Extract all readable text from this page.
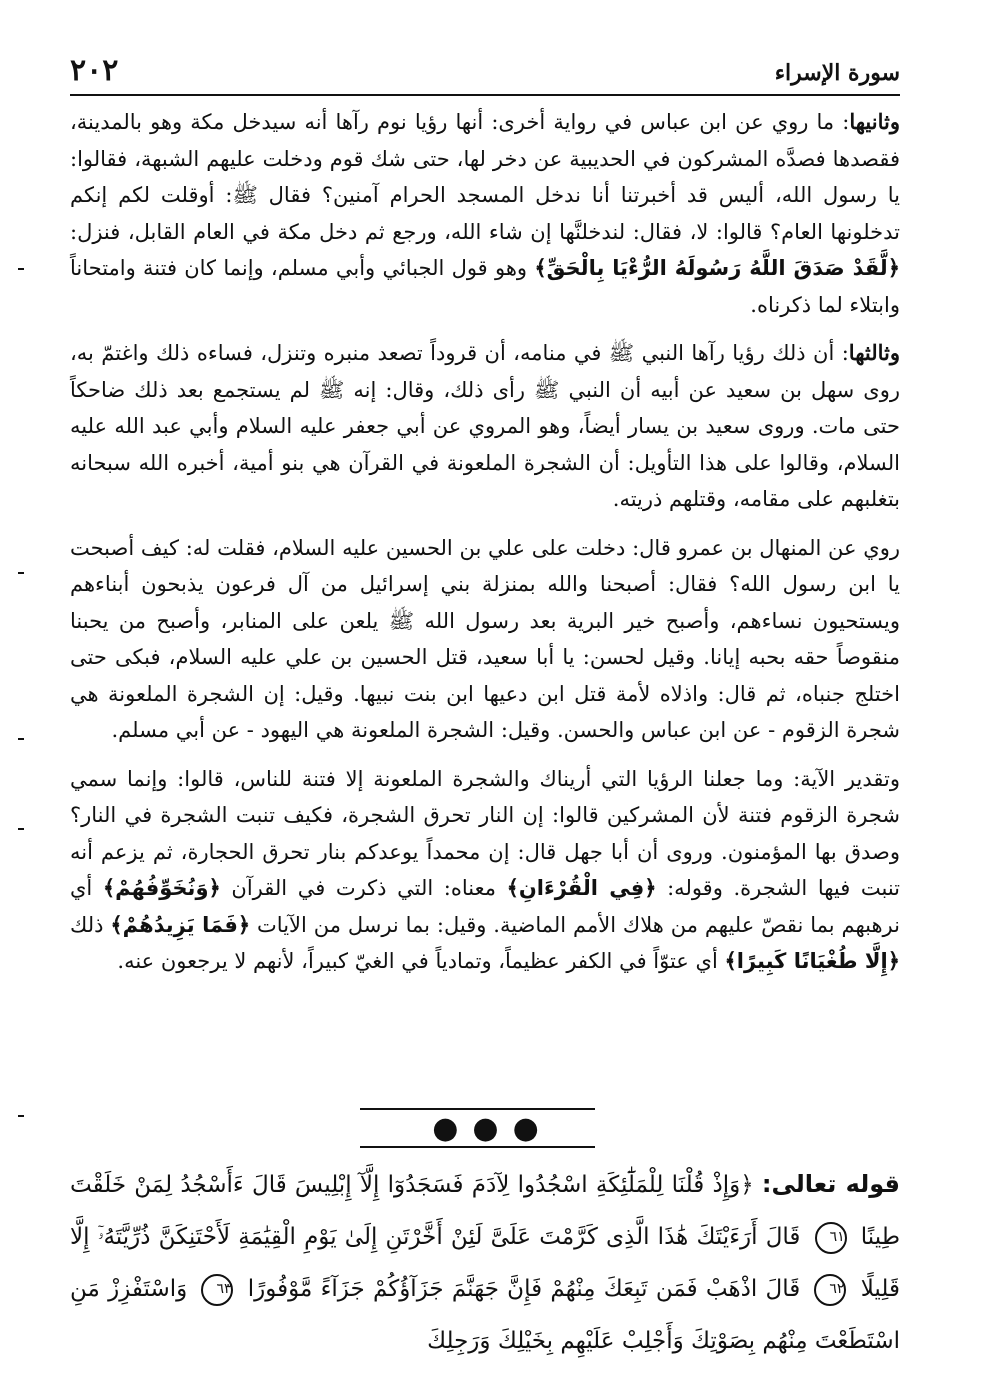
سورة الإسراء
٢٠٢

وثانيها: ما روي عن ابن عباس في رواية أخرى: أنها رؤيا نوم رآها أنه سيدخل مكة وهو بالمدينة، فقصدها فصدَّه المشركون في الحديبية عن دخر لها، حتى شك قوم ودخلت عليهم الشبهة، فقالوا: يا رسول الله، أليس قد أخبرتنا أنا ندخل المسجد الحرام آمنين؟ فقال ﷺ: أوقلت لكم إنكم تدخلونها العام؟ قالوا: لا، فقال: لندخلنَّها إن شاء الله، ورجع ثم دخل مكة في العام القابل، فنزل: ﴿لَّقَدْ صَدَقَ اللَّهُ رَسُولَهُ الرُّءْيَا بِالْحَقِّ﴾ وهو قول الجبائي وأبي مسلم، وإنما كان فتنة وامتحاناً وابتلاء لما ذكرناه.

وثالثها: أن ذلك رؤيا رآها النبي ﷺ في منامه، أن قروداً تصعد منبره وتنزل، فساءه ذلك واغتمّ به، روى سهل بن سعيد عن أبيه أن النبي ﷺ رأى ذلك، وقال: إنه ﷺ لم يستجمع بعد ذلك ضاحكاً حتى مات. وروى سعيد بن يسار أيضاً، وهو المروي عن أبي جعفر عليه السلام وأبي عبد الله عليه السلام، وقالوا على هذا التأويل: أن الشجرة الملعونة في القرآن هي بنو أمية، أخبره الله سبحانه بتغلبهم على مقامه، وقتلهم ذريته.

روي عن المنهال بن عمرو قال: دخلت على علي بن الحسين عليه السلام، فقلت له: كيف أصبحت يا ابن رسول الله؟ فقال: أصبحنا والله بمنزلة بني إسرائيل من آل فرعون يذبحون أبناءهم ويستحيون نساءهم، وأصبح خير البرية بعد رسول الله ﷺ يلعن على المنابر، وأصبح من يحبنا منقوصاً حقه بحبه إيانا. وقيل لحسن: يا أبا سعيد، قتل الحسين بن علي عليه السلام، فبكى حتى اختلج جنباه، ثم قال: واذلاه لأمة قتل ابن دعيها ابن بنت نبيها. وقيل: إن الشجرة الملعونة هي شجرة الزقوم - عن ابن عباس والحسن. وقيل: الشجرة الملعونة هي اليهود - عن أبي مسلم.

وتقدير الآية: وما جعلنا الرؤيا التي أريناك والشجرة الملعونة إلا فتنة للناس، قالوا: وإنما سمي شجرة الزقوم فتنة لأن المشركين قالوا: إن النار تحرق الشجرة، فكيف تنبت الشجرة في النار؟ وصدق بها المؤمنون. وروى أن أبا جهل قال: إن محمداً يوعدكم بنار تحرق الحجارة، ثم يزعم أنه تنبت فيها الشجرة. وقوله: ﴿فِي الْقُرْءَانِ﴾ معناه: التي ذكرت في القرآن ﴿وَنُخَوِّفُهُمْ﴾ أي نرهبهم بما نقصّ عليهم من هلاك الأمم الماضية. وقيل: بما نرسل من الآيات ﴿فَمَا يَزِيدُهُمْ﴾ ذلك ﴿إِلَّا طُغْيَانًا كَبِيرًا﴾ أي عتوّاً في الكفر عظيماً، وتمادياً في الغيّ كبيراً، لأنهم لا يرجعون عنه.

●●●

قوله تعالى: ﴿وَإِذْ قُلْنَا لِلْمَلَٰٓئِكَةِ اسْجُدُوا لِآدَمَ فَسَجَدُوٓا إِلَّآ إِبْلِيسَ قَالَ ءَأَسْجُدُ لِمَنْ خَلَقْتَ طِينًا ٦١ قَالَ أَرَءَيْتَكَ هَٰذَا الَّذِى كَرَّمْتَ عَلَىَّ لَئِنْ أَخَّرْتَنِ إِلَىٰ يَوْمِ الْقِيَٰمَةِ لَأَحْتَنِكَنَّ ذُرِّيَّتَهُۥٓ إِلَّا قَلِيلًا ٦٢ قَالَ اذْهَبْ فَمَن تَبِعَكَ مِنْهُمْ فَإِنَّ جَهَنَّمَ جَزَآؤُكُمْ جَزَآءً مَّوْفُورًا ٦٣ وَاسْتَفْزِزْ مَنِ اسْتَطَعْتَ مِنْهُم بِصَوْتِكَ وَأَجْلِبْ عَلَيْهِم بِخَيْلِكَ وَرَجِلِكَ
